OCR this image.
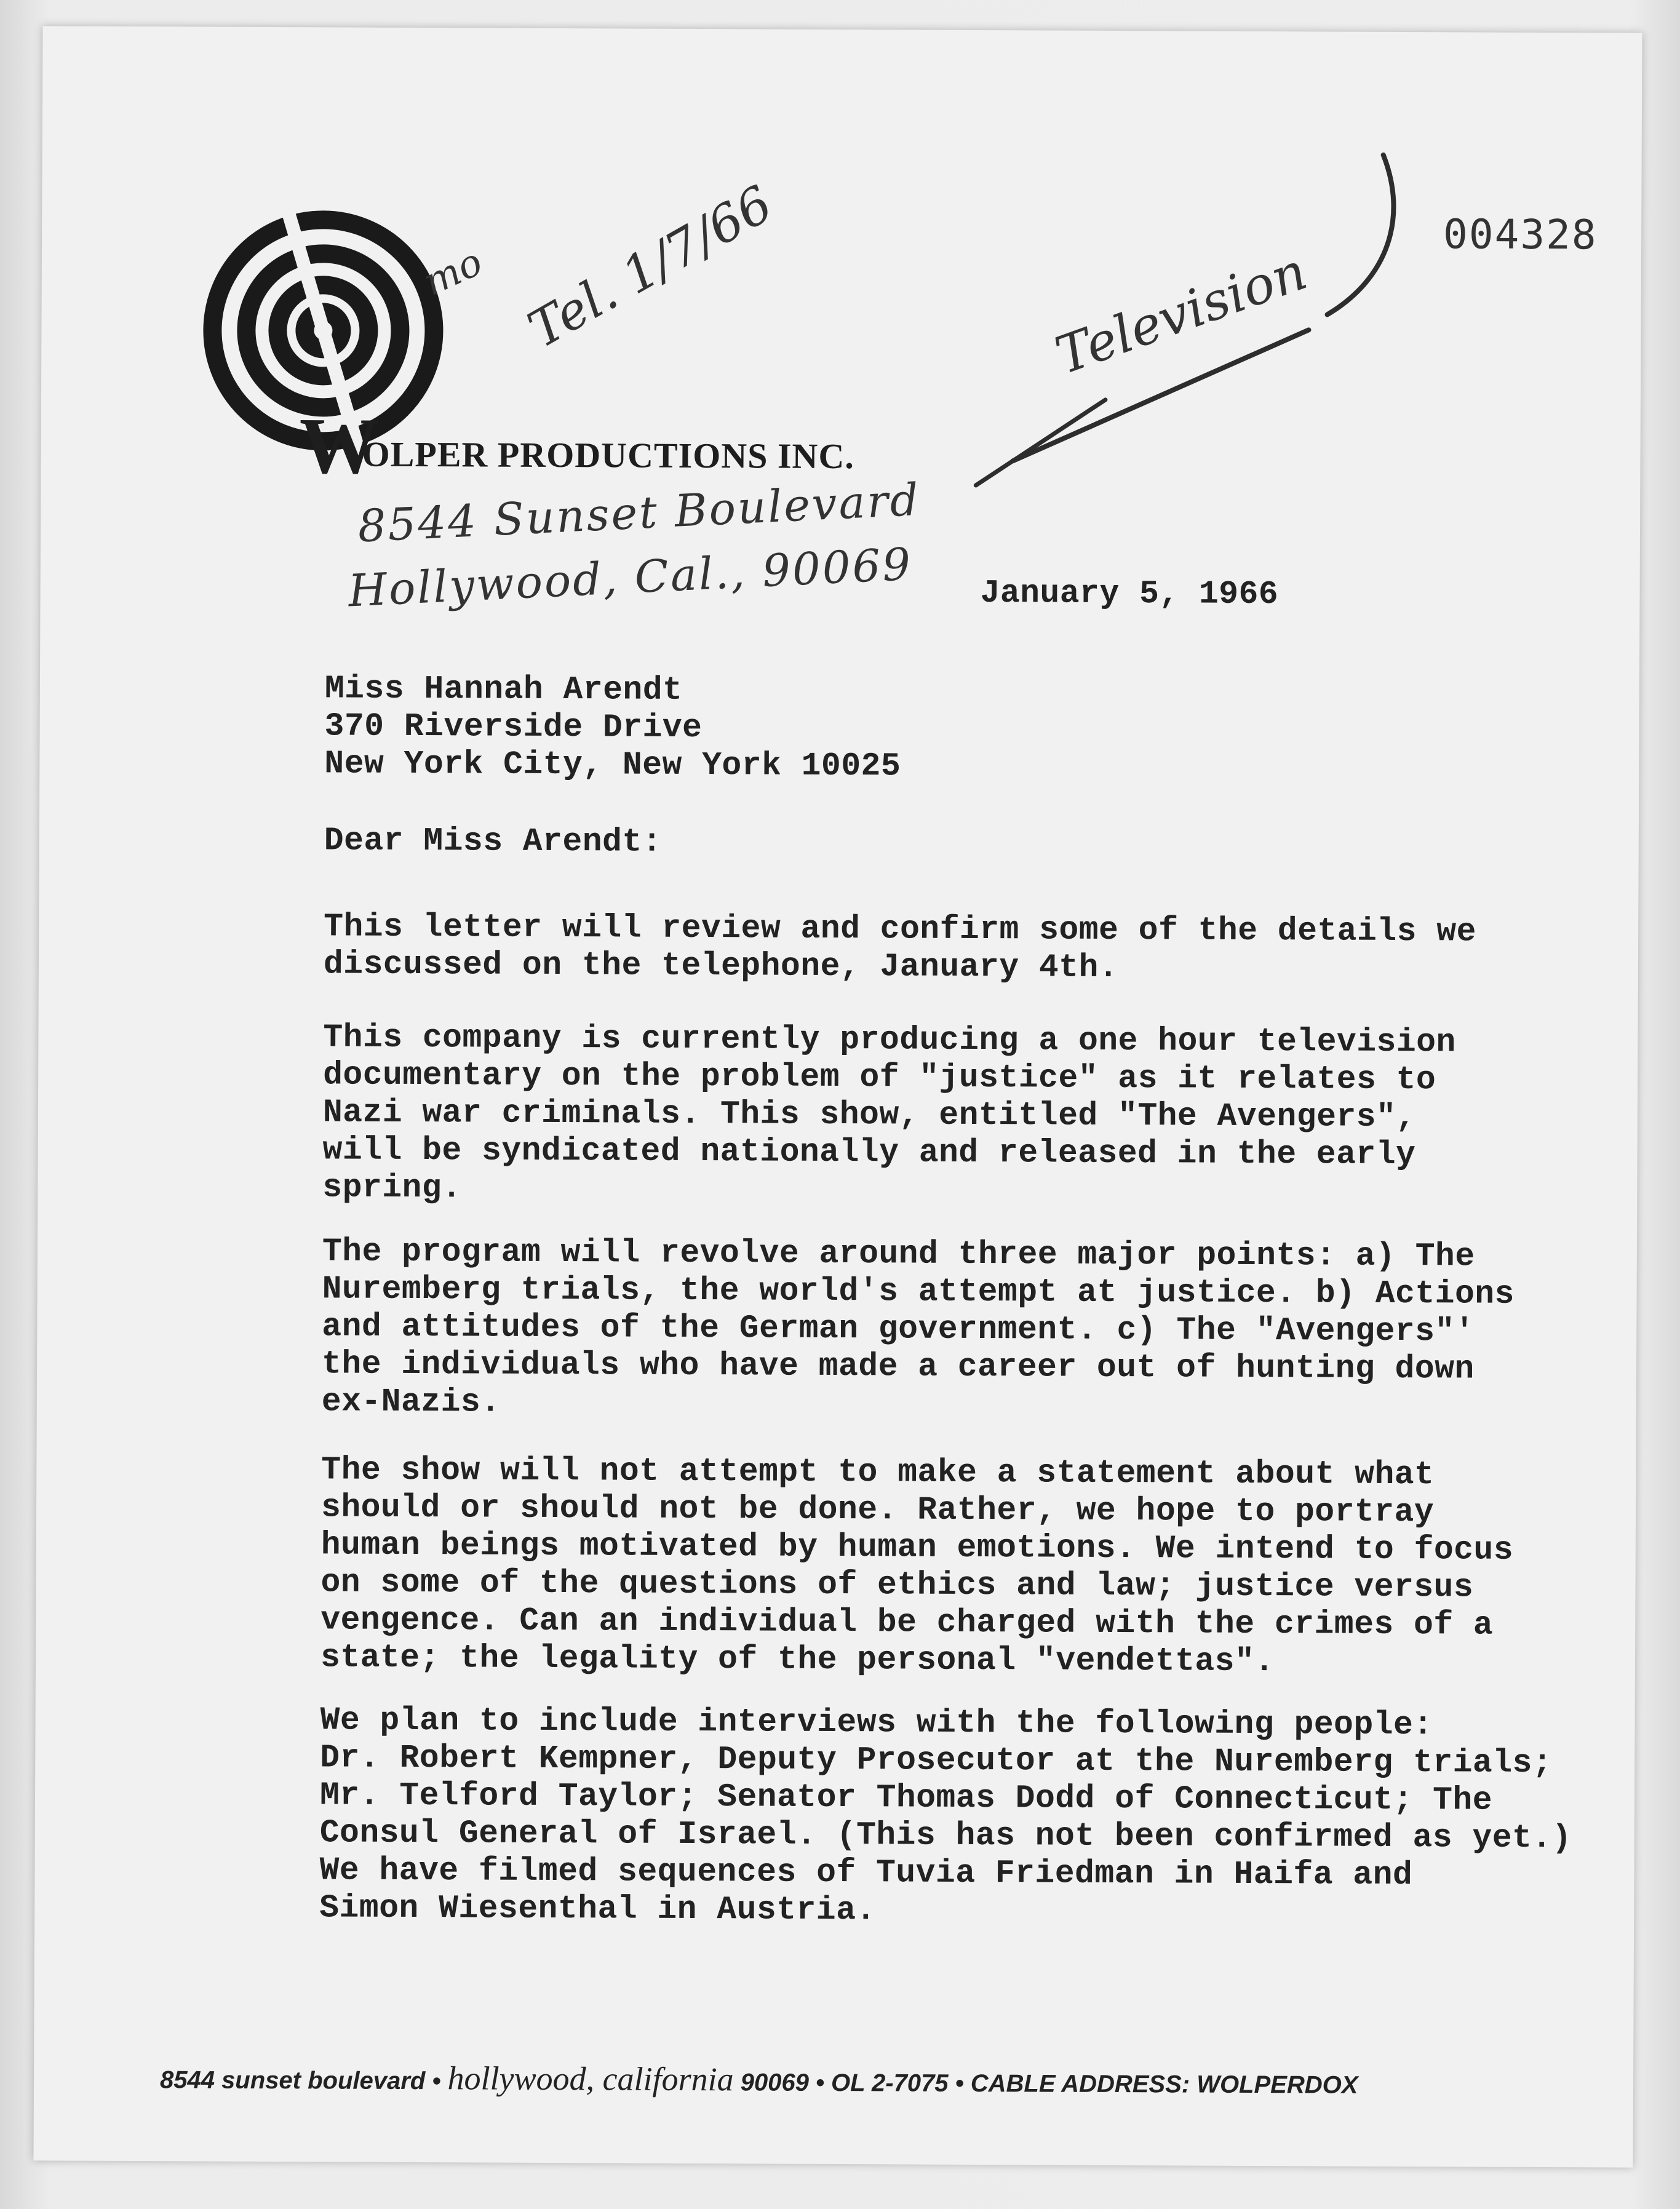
W
OLPER PRODUCTIONS INC.
mo Tel. 1/7/66	Television
004328
8544 Sunset Boulevard
Hollywood, Cal., 90069 January 5, 1966
Miss Hannah Arendt
370 Riverside Drive
New York City, New York 10025
Dear Miss Arendt:
This letter will review and confirm some of the details we
discussed on the telephone, January 4th.
This company is currently producing a one hour television
documentary on the problem of "justice" as it relates to
Nazi war criminals. This show, entitled "The Avengers",
will be syndicated nationally and released in the early
spring.
The program will revolve around three major points: a) The
Nuremberg trials, the world's attempt at justice. b) Actions
and attitudes of the German government. c) The "Avengers"'
the individuals who have made a career out of hunting down
ex-Nazis.
The show will not attempt to make a statement about what
should or should not be done. Rather, we hope to portray
human beings motivated by human emotions. We intend to focus
on some of the questions of ethics and law; justice versus
vengence. Can an individual be charged with the crimes of a
state; the legality of the personal "vendettas".
We plan to include interviews with the following people:
Dr. Robert Kempner, Deputy Prosecutor at the Nuremberg trials;
Mr. Telford Taylor; Senator Thomas Dodd of Connecticut; The
Consul General of Israel. (This has not been confirmed as yet.)
We have filmed sequences of Tuvia Friedman in Haifa and
Simon Wiesenthal in Austria.
8544 sunset boulevard • hollywood, california 90069 • OL 2-7075 • CABLE ADDRESS: WOLPERDOX
